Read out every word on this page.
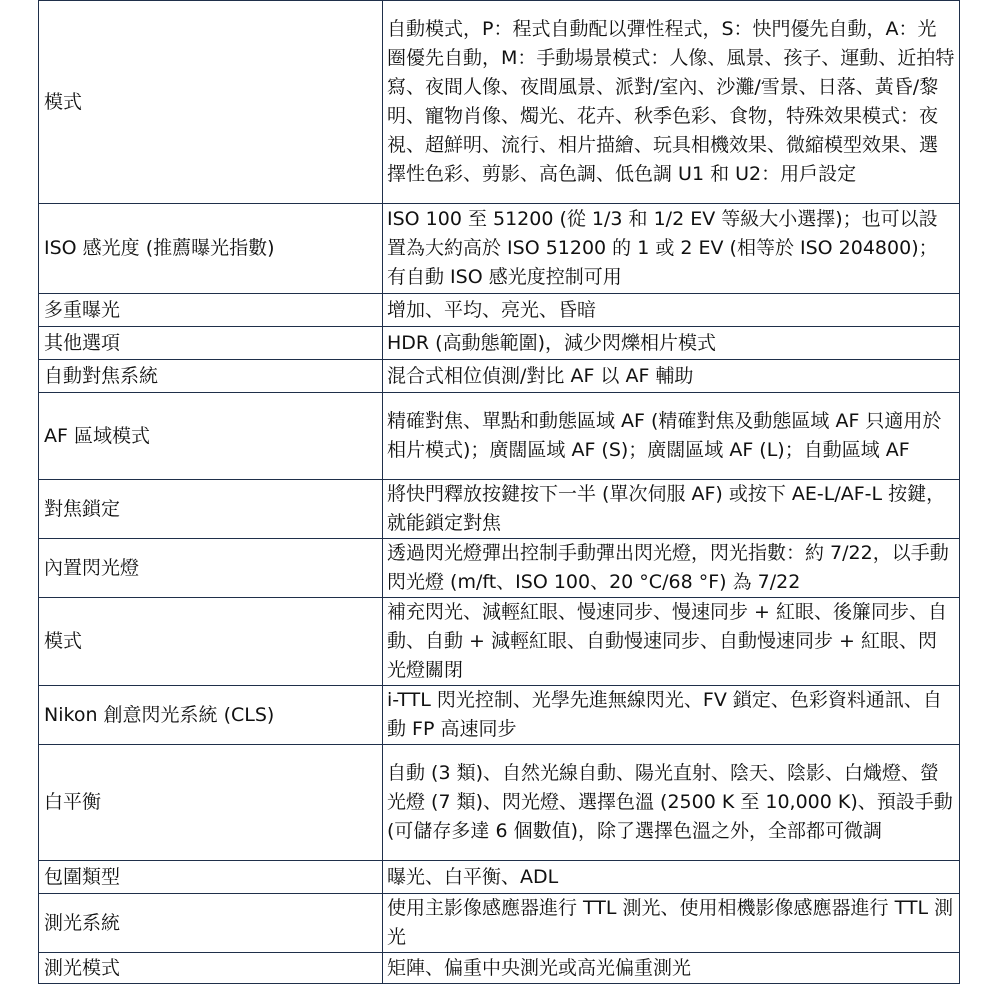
模式	自動模式，P：程式自動配以彈性程式，S：快門優先自動，A：光圈優先自動，M：手動場景模式：人像、風景、孩子、運動、近拍特寫、夜間人像、夜間風景、派對/室內、沙灘/雪景、日落、黃昏/黎明、寵物肖像、燭光、花卉、秋季色彩、食物，特殊效果模式：夜視、超鮮明、流行、相片描繪、玩具相機效果、微縮模型效果、選擇性色彩、剪影、高色調、低色調 U1 和 U2：用戶設定
ISO 感光度 (推薦曝光指數)	ISO 100 至 51200 (從 1/3 和 1/2 EV 等級大小選擇)；也可以設置為大約高於 ISO 51200 的 1 或 2 EV (相等於 ISO 204800)；有自動 ISO 感光度控制可用
多重曝光	增加、平均、亮光、昏暗
其他選項	HDR (高動態範圍)，減少閃爍相片模式
自動對焦系統	混合式相位偵測/對比 AF 以 AF 輔助
AF 區域模式	精確對焦、單點和動態區域 AF (精確對焦及動態區域 AF 只適用於相片模式)；廣闊區域 AF (S)；廣闊區域 AF (L)；自動區域 AF
對焦鎖定	將快門釋放按鍵按下一半 (單次伺服 AF) 或按下 AE-L/AF-L 按鍵，就能鎖定對焦
內置閃光燈	透過閃光燈彈出控制手動彈出閃光燈，閃光指數：約 7/22，以手動閃光燈 (m/ft、ISO 100、20 °C/68 °F) 為 7/22
模式	補充閃光、減輕紅眼、慢速同步、慢速同步 + 紅眼、後簾同步、自動、自動 + 減輕紅眼、自動慢速同步、自動慢速同步 + 紅眼、閃光燈關閉
Nikon 創意閃光系統 (CLS)	i-TTL 閃光控制、光學先進無線閃光、FV 鎖定、色彩資料通訊、自動 FP 高速同步
白平衡	自動 (3 類)、自然光線自動、陽光直射、陰天、陰影、白熾燈、螢光燈 (7 類)、閃光燈、選擇色溫 (2500 K 至 10,000 K)、預設手動 (可儲存多達 6 個數值)，除了選擇色溫之外，全部都可微調
包圍類型	曝光、白平衡、ADL
測光系統	使用主影像感應器進行 TTL 測光、使用相機影像感應器進行 TTL 測光
測光模式	矩陣、偏重中央測光或高光偏重測光
